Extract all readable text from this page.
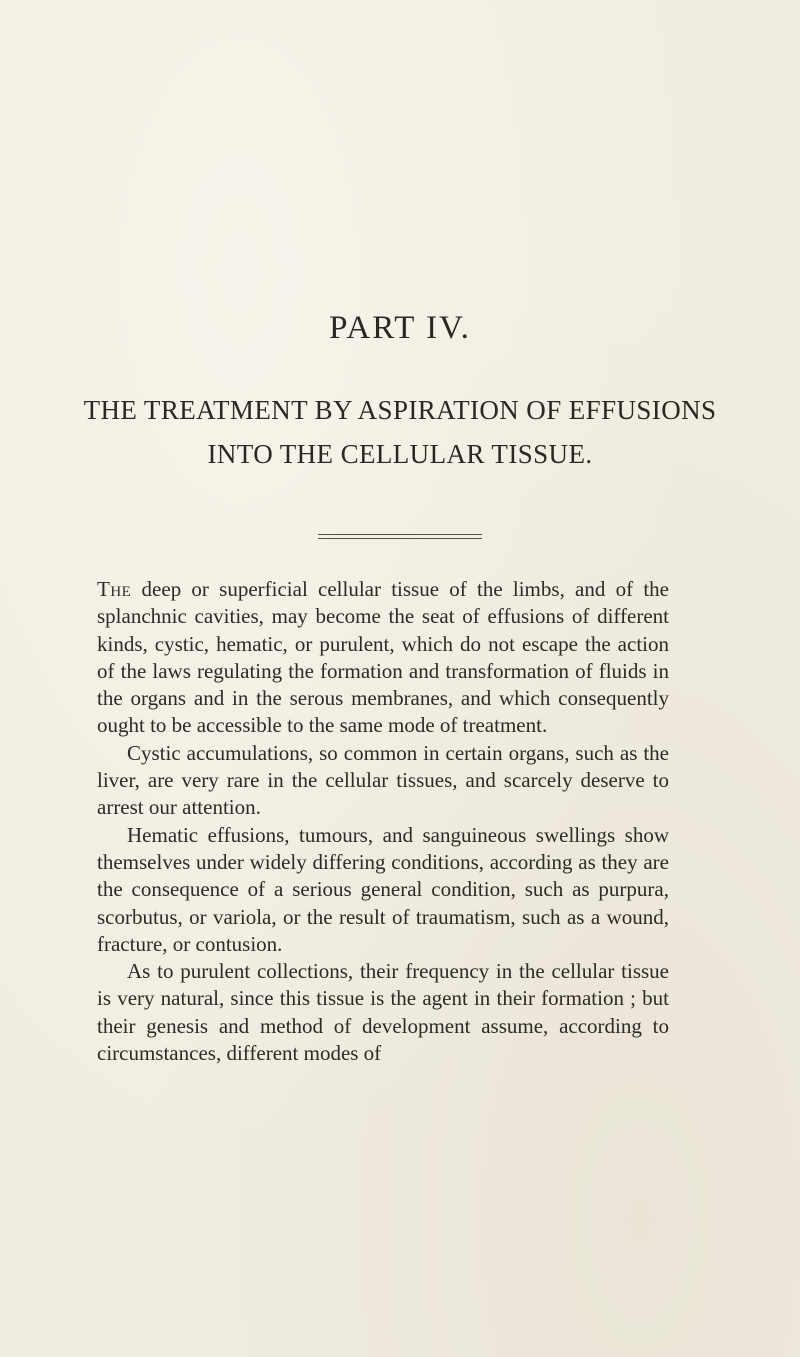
PART IV.
THE TREATMENT BY ASPIRATION OF EFFUSIONS
INTO THE CELLULAR TISSUE.

The deep or superficial cellular tissue of the limbs, and of the splanchnic cavities, may become the seat of effusions of different kinds, cystic, hematic, or purulent, which do not escape the action of the laws regulating the formation and transformation of fluids in the organs and in the serous membranes, and which consequently ought to be accessible to the same mode of treatment.

Cystic accumulations, so common in certain organs, such as the liver, are very rare in the cellular tissues, and scarcely deserve to arrest our attention.

Hematic effusions, tumours, and sanguineous swellings show themselves under widely differing conditions, according as they are the consequence of a serious general condition, such as purpura, scorbutus, or variola, or the result of traumatism, such as a wound, fracture, or contusion.

As to purulent collections, their frequency in the cellular tissue is very natural, since this tissue is the agent in their formation ; but their genesis and method of development assume, according to circumstances, different modes of
